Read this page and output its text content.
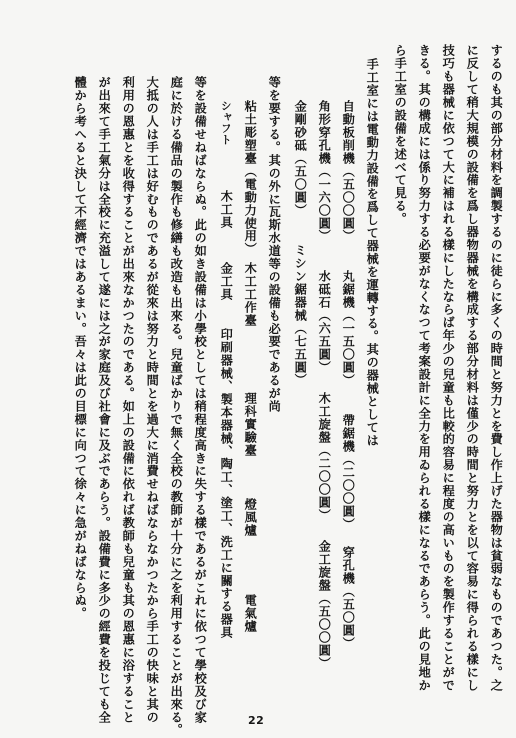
するのも其の部分材料を調製するのに徒らに多くの時間と努力とを費し作上げた器物は貧弱なものであつた。之
に反して稍大規模の設備を爲し器物器械を構成する部分材料は僅少の時間と努力とを以て容易に得られる樣にし
技巧も器械に依つて大に補はれる樣にしたならば年少の兒童も比較的容易に程度の高いものを製作することがで
きる。其の構成には係り努力する必要がなくなつて考案設計に全力を用ゐられる樣になるであらう。此の見地か
ら手工室の設備を述べて見る。
手工室には電動力設備を爲して器械を運轉する。其の器械としては
自動板削機（五〇〇圓）
丸鋸機（一五〇圓）
帶鋸機（二〇〇圓）
穿孔機（五〇圓）
角形穿孔機（一六〇圓）
水砥石（六五圓）
木工旋盤（二〇〇圓）
金工旋盤（五〇〇圓）
金剛砂砥（五〇圓）
ミシン鋸器械（七五圓）
等を要する。其の外に瓦斯水道等の設備も必要であるが尚
粘土彫塑臺（電動力使用）
木工工作臺
理科實驗臺
燈風爐
電氣爐
シャフト
木工具
金工具
印刷器械、製本器械、陶工、塗工、洗工に關する器具
等を設備せねばならぬ。此の如き設備は小學校としては稍程度高きに失する樣であるがこれに依つて學校及び家
庭に於ける備品の製作も修繕も改造も出來る。兒童ばかりで無く全校の教師が十分に之を利用することが出來る。
大抵の人は手工は好むものであるが從來は努力と時間とを過大に消費せねばならなかつたから手工の快味と其の
利用の恩惠とを收得することが出來なかつたのである。如上の設備に依れば教師も兒童も其の恩惠に浴すること
が出來て手工氣分は全校に充溢して遂には之が家庭及び社會に及ぶであらう。設備費に多少の經費を投じても全
體から考へると決して不經濟ではあるまい。吾々は此の目標に向つて徐々に急がねばならぬ。
22
